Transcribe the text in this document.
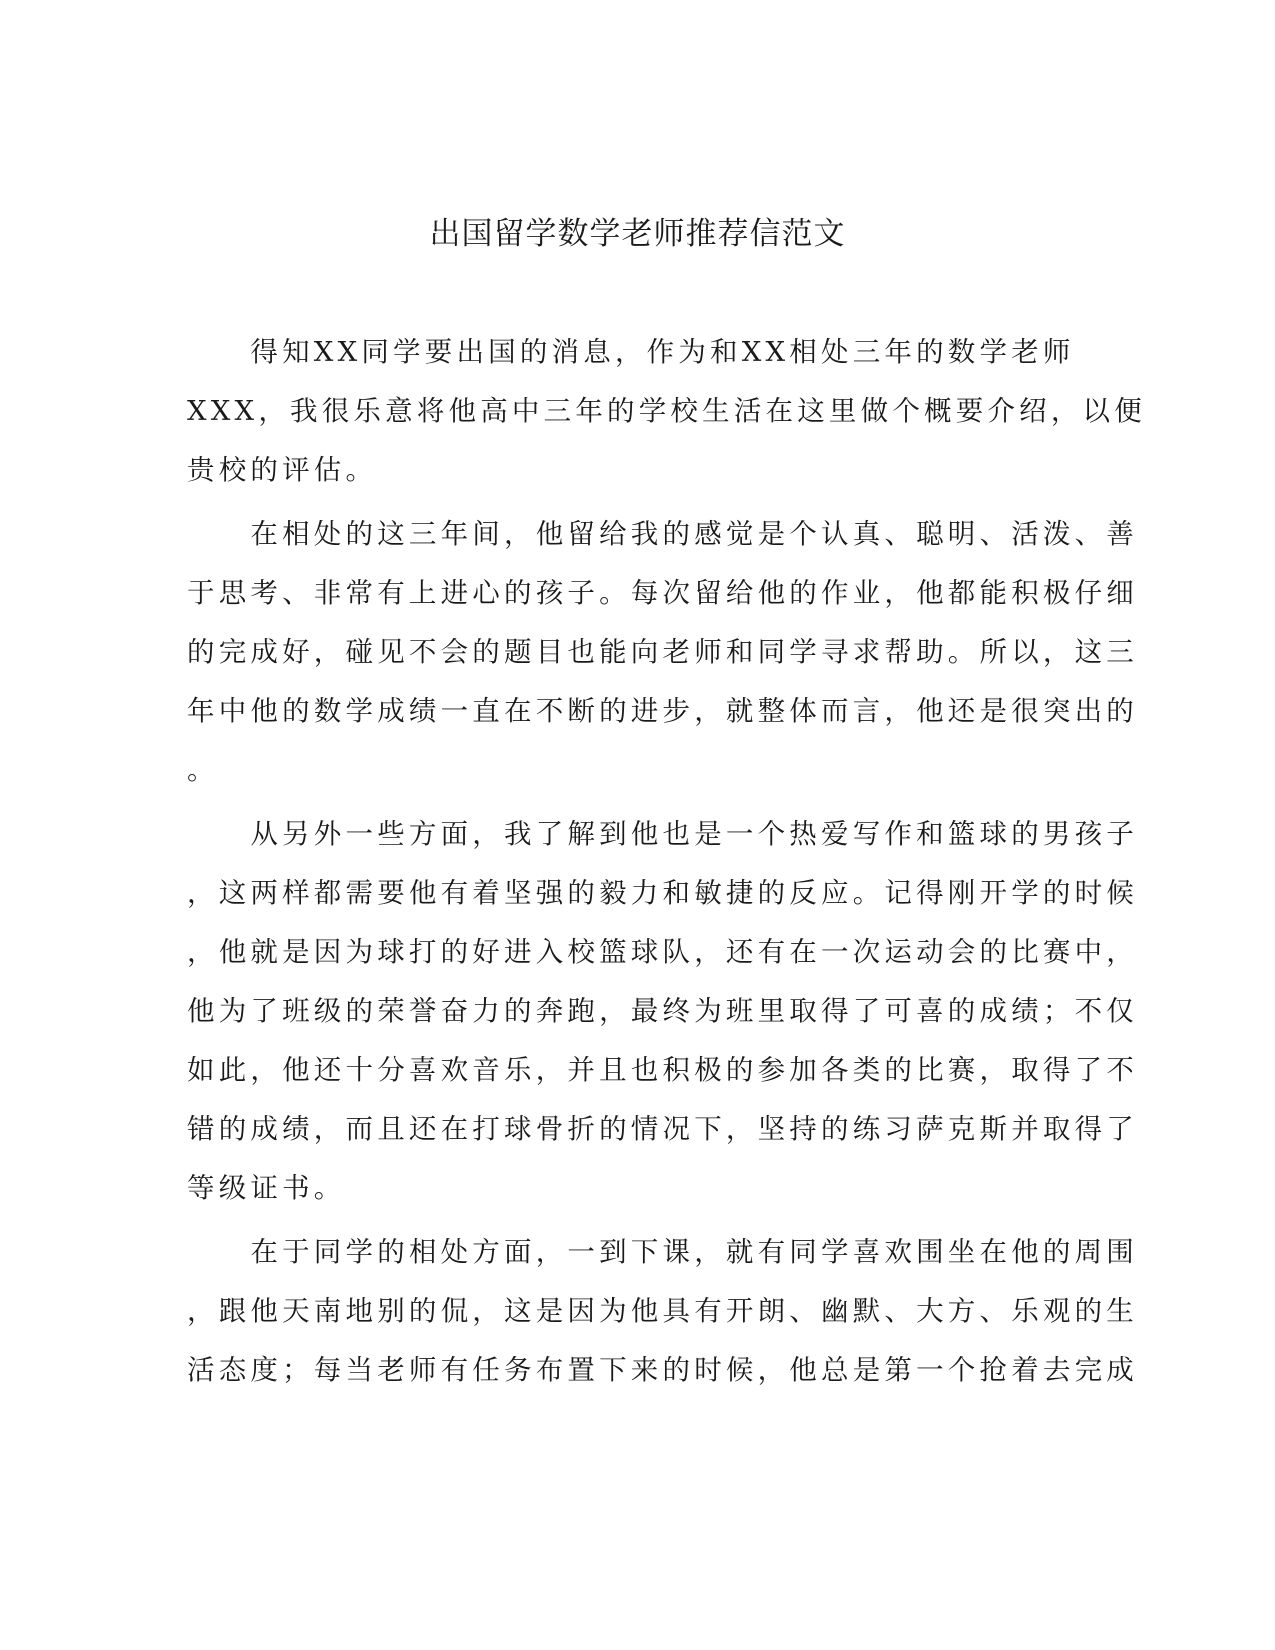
出国留学数学老师推荐信范文
　　得知XX同学要出国的消息，作为和XX相处三年的数学老师
XXX，我很乐意将他高中三年的学校生活在这里做个概要介绍，以便
贵校的评估。
　　在相处的这三年间，他留给我的感觉是个认真、聪明、活泼、善
于思考、非常有上进心的孩子。每次留给他的作业，他都能积极仔细
的完成好，碰见不会的题目也能向老师和同学寻求帮助。所以，这三
年中他的数学成绩一直在不断的进步，就整体而言，他还是很突出的
。
　　从另外一些方面，我了解到他也是一个热爱写作和篮球的男孩子
，这两样都需要他有着坚强的毅力和敏捷的反应。记得刚开学的时候
，他就是因为球打的好进入校篮球队，还有在一次运动会的比赛中，
他为了班级的荣誉奋力的奔跑，最终为班里取得了可喜的成绩；不仅
如此，他还十分喜欢音乐，并且也积极的参加各类的比赛，取得了不
错的成绩，而且还在打球骨折的情况下，坚持的练习萨克斯并取得了
等级证书。
　　在于同学的相处方面，一到下课，就有同学喜欢围坐在他的周围
，跟他天南地别的侃，这是因为他具有开朗、幽默、大方、乐观的生
活态度；每当老师有任务布置下来的时候，他总是第一个抢着去完成
